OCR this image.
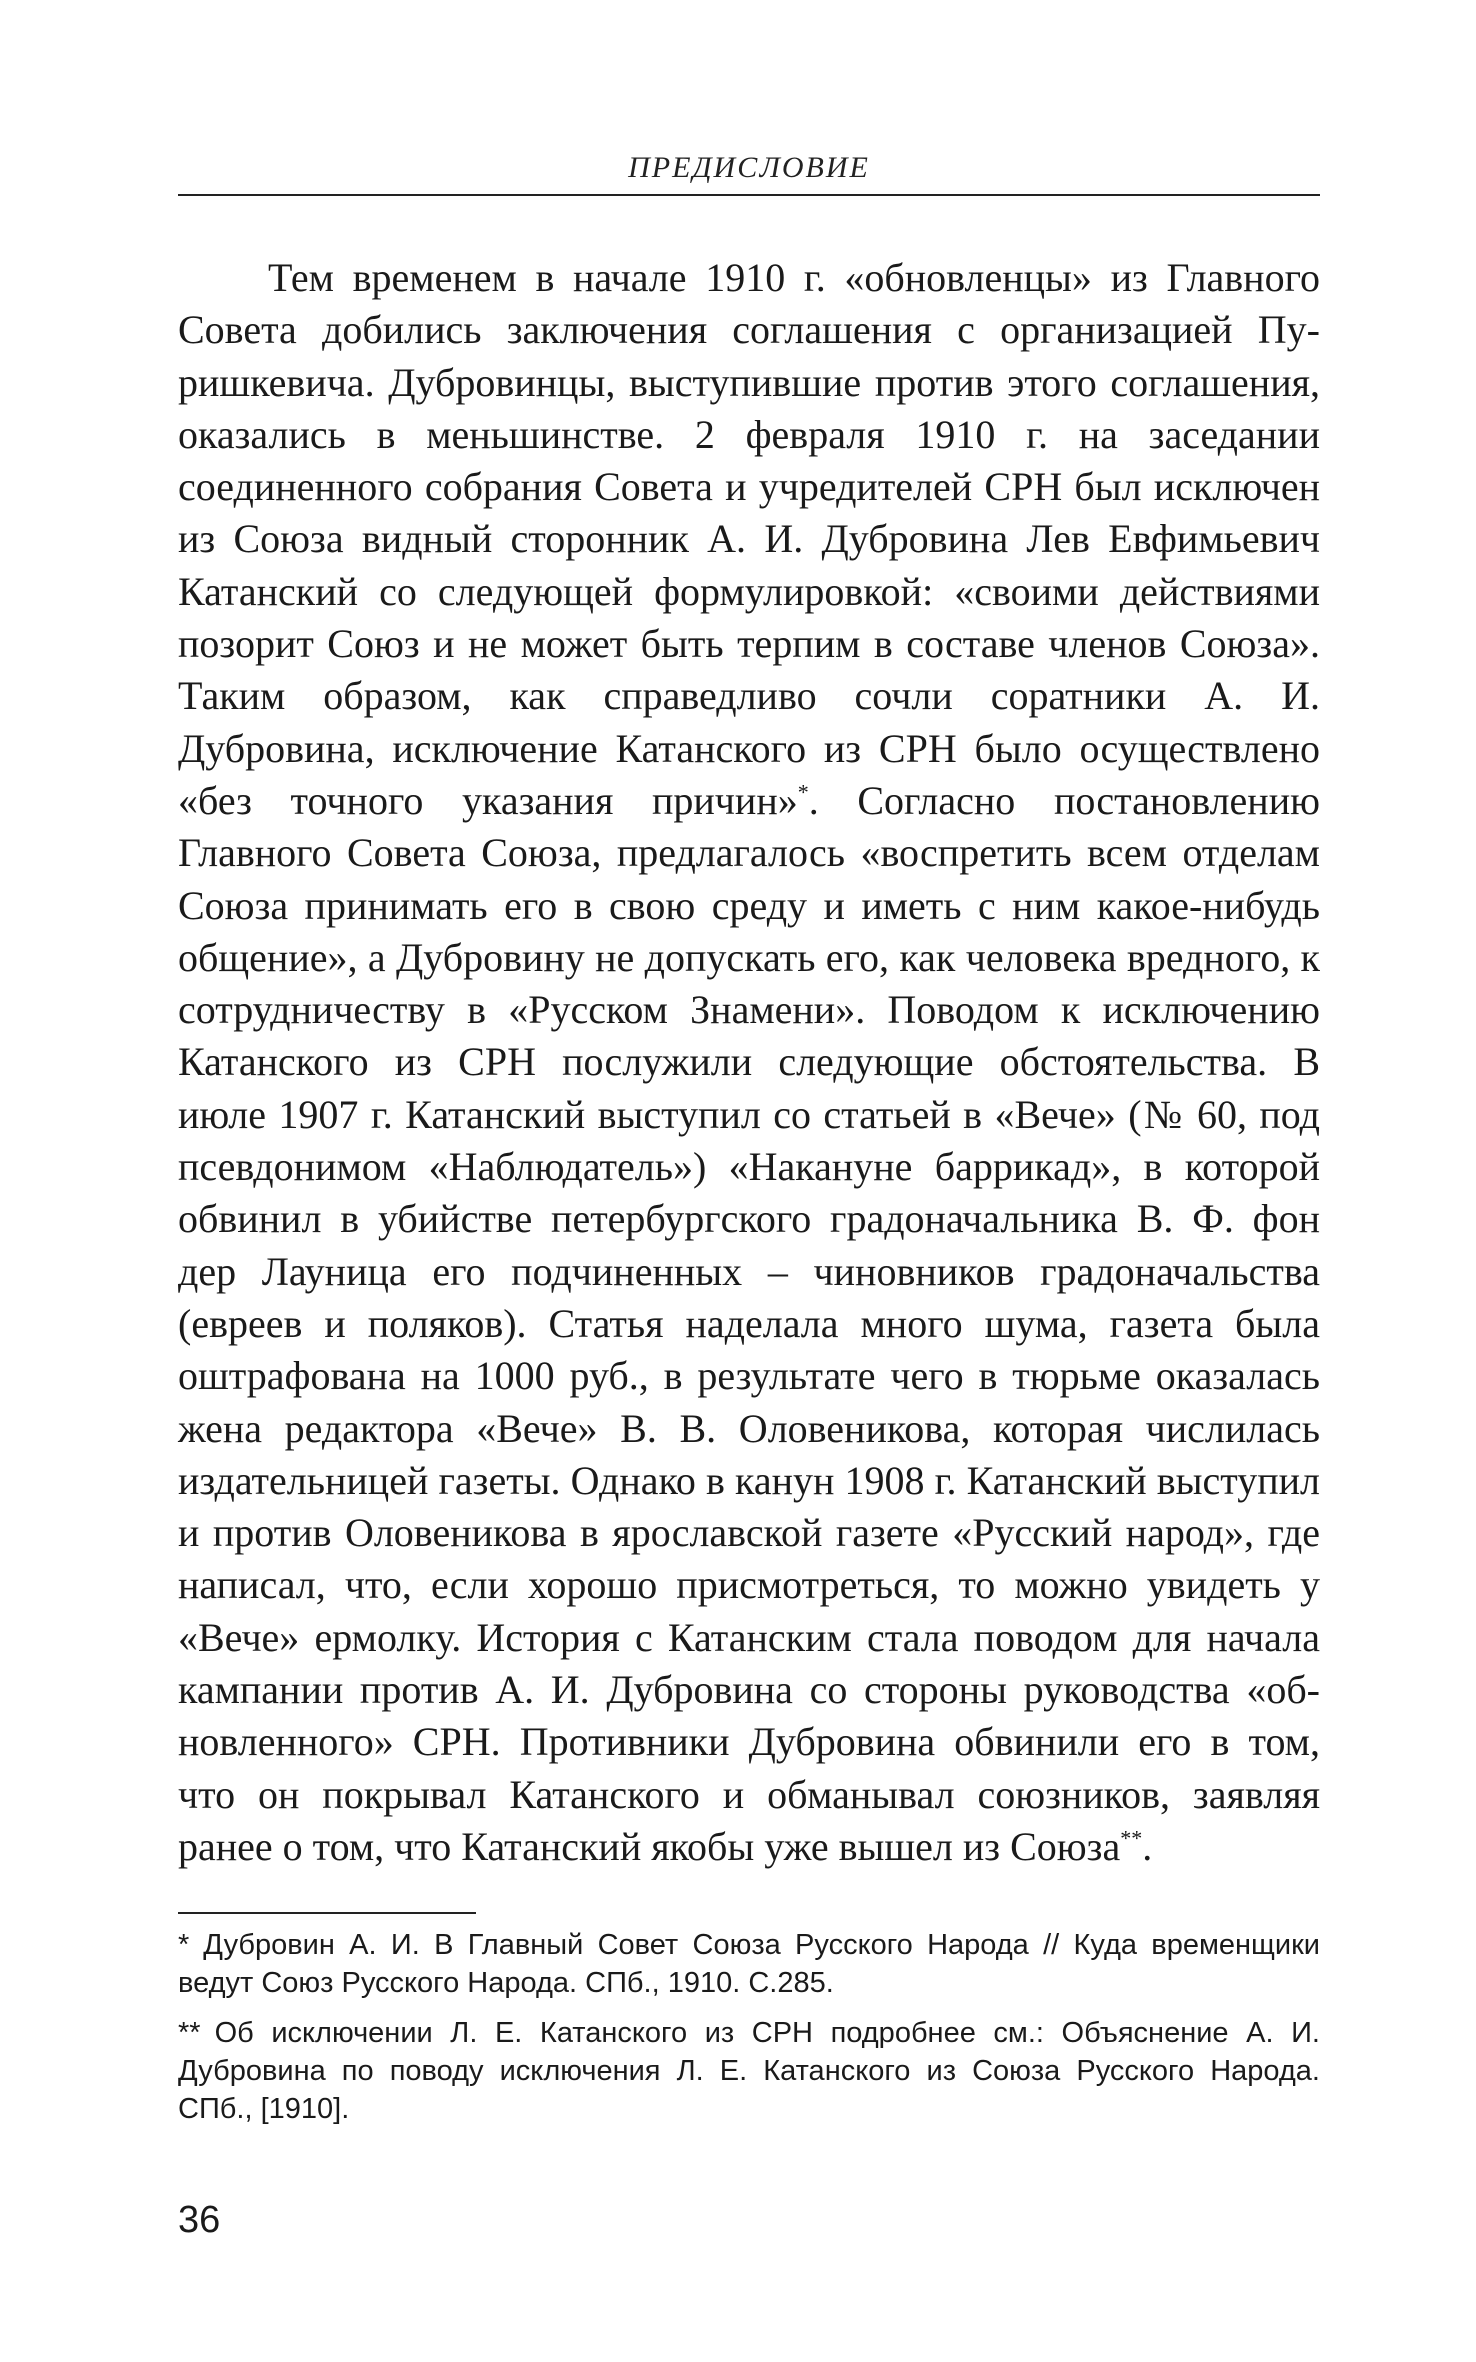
ПРЕДИСЛОВИЕ

Тем временем в начале 1910 г. «обновленцы» из Главного Совета добились заключения соглашения с организацией Пуришкевича. Дубровинцы, выступившие против этого соглашения, оказались в меньшинстве. 2 февраля 1910 г. на заседании соединенного собрания Совета и учредителей СРН был исключен из Союза видный сторонник А. И. Дубровина Лев Евфимьевич Катанский со следующей формулировкой: «своими действиями позорит Союз и не может быть терпим в составе членов Союза». Таким образом, как справедливо сочли соратники А. И. Дубровина, исключение Катанского из СРН было осуществлено «без точного указания причин»*. Согласно постановлению Главного Совета Союза, предлагалось «воспретить всем отделам Союза принимать его в свою среду и иметь с ним какое-нибудь общение», а Дубровину не допускать его, как человека вредного, к сотрудничеству в «Русском Знамени». Поводом к исключению Катанского из СРН послужили следующие обстоятельства. В июле 1907 г. Катанский выступил со статьей в «Вече» (№ 60, под псевдонимом «Наблюдатель») «Накануне баррикад», в которой обвинил в убийстве петербургского градоначальника В. Ф. фон дер Лауница его подчиненных – чиновников градоначальства (евреев и поляков). Статья наделала много шума, газета была оштрафована на 1000 руб., в результате чего в тюрьме оказалась жена редактора «Вече» В. В. Оловеникова, которая числилась издательницей газеты. Однако в канун 1908 г. Катанский выступил и против Оловеникова в ярославской газете «Русский народ», где написал, что, если хорошо присмотреться, то можно увидеть у «Вече» ермолку. История с Катанским стала поводом для начала кампании против А. И. Дубровина со стороны руководства «обновленного» СРН. Противники Дубровина обвинили его в том, что он покрывал Катанского и обманывал союзников, заявляя ранее о том, что Катанский якобы уже вышел из Союза**.

* Дубровин А. И. В Главный Совет Союза Русского Народа // Куда временщики ведут Союз Русского Народа. СПб., 1910. С.285.

** Об исключении Л. Е. Катанского из СРН подробнее см.: Объяснение А. И. Дубровина по поводу исключения Л. Е. Катанского из Союза Русского Народа. СПб., [1910].

36
